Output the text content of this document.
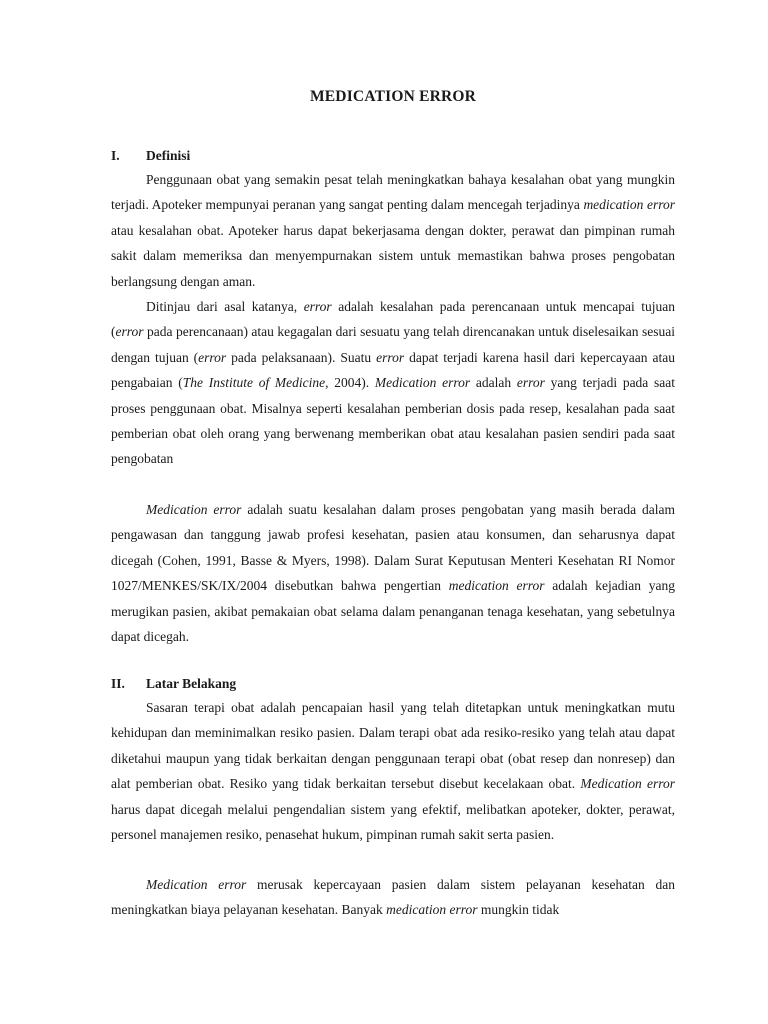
MEDICATION ERROR
I. Definisi

Penggunaan obat yang semakin pesat telah meningkatkan bahaya kesalahan obat yang mungkin terjadi. Apoteker mempunyai peranan yang sangat penting dalam mencegah terjadinya medication error atau kesalahan obat. Apoteker harus dapat bekerjasama dengan dokter, perawat dan pimpinan rumah sakit dalam memeriksa dan menyempurnakan sistem untuk memastikan bahwa proses pengobatan berlangsung dengan aman.

Ditinjau dari asal katanya, error adalah kesalahan pada perencanaan untuk mencapai tujuan (error pada perencanaan) atau kegagalan dari sesuatu yang telah direncanakan untuk diselesaikan sesuai dengan tujuan (error pada pelaksanaan). Suatu error dapat terjadi karena hasil dari kepercayaan atau pengabaian (The Institute of Medicine, 2004). Medication error adalah error yang terjadi pada saat proses penggunaan obat. Misalnya seperti kesalahan pemberian dosis pada resep, kesalahan pada saat pemberian obat oleh orang yang berwenang memberikan obat atau kesalahan pasien sendiri pada saat pengobatan

Medication error adalah suatu kesalahan dalam proses pengobatan yang masih berada dalam pengawasan dan tanggung jawab profesi kesehatan, pasien atau konsumen, dan seharusnya dapat dicegah (Cohen, 1991, Basse & Myers, 1998). Dalam Surat Keputusan Menteri Kesehatan RI Nomor 1027/MENKES/SK/IX/2004 disebutkan bahwa pengertian medication error adalah kejadian yang merugikan pasien, akibat pemakaian obat selama dalam penanganan tenaga kesehatan, yang sebetulnya dapat dicegah.

II. Latar Belakang

Sasaran terapi obat adalah pencapaian hasil yang telah ditetapkan untuk meningkatkan mutu kehidupan dan meminimalkan resiko pasien. Dalam terapi obat ada resiko-resiko yang telah atau dapat diketahui maupun yang tidak berkaitan dengan penggunaan terapi obat (obat resep dan nonresep) dan alat pemberian obat. Resiko yang tidak berkaitan tersebut disebut kecelakaan obat. Medication error harus dapat dicegah melalui pengendalian sistem yang efektif, melibatkan apoteker, dokter, perawat, personel manajemen resiko, penasehat hukum, pimpinan rumah sakit serta pasien.

Medication error merusak kepercayaan pasien dalam sistem pelayanan kesehatan dan meningkatkan biaya pelayanan kesehatan. Banyak medication error mungkin tidak
